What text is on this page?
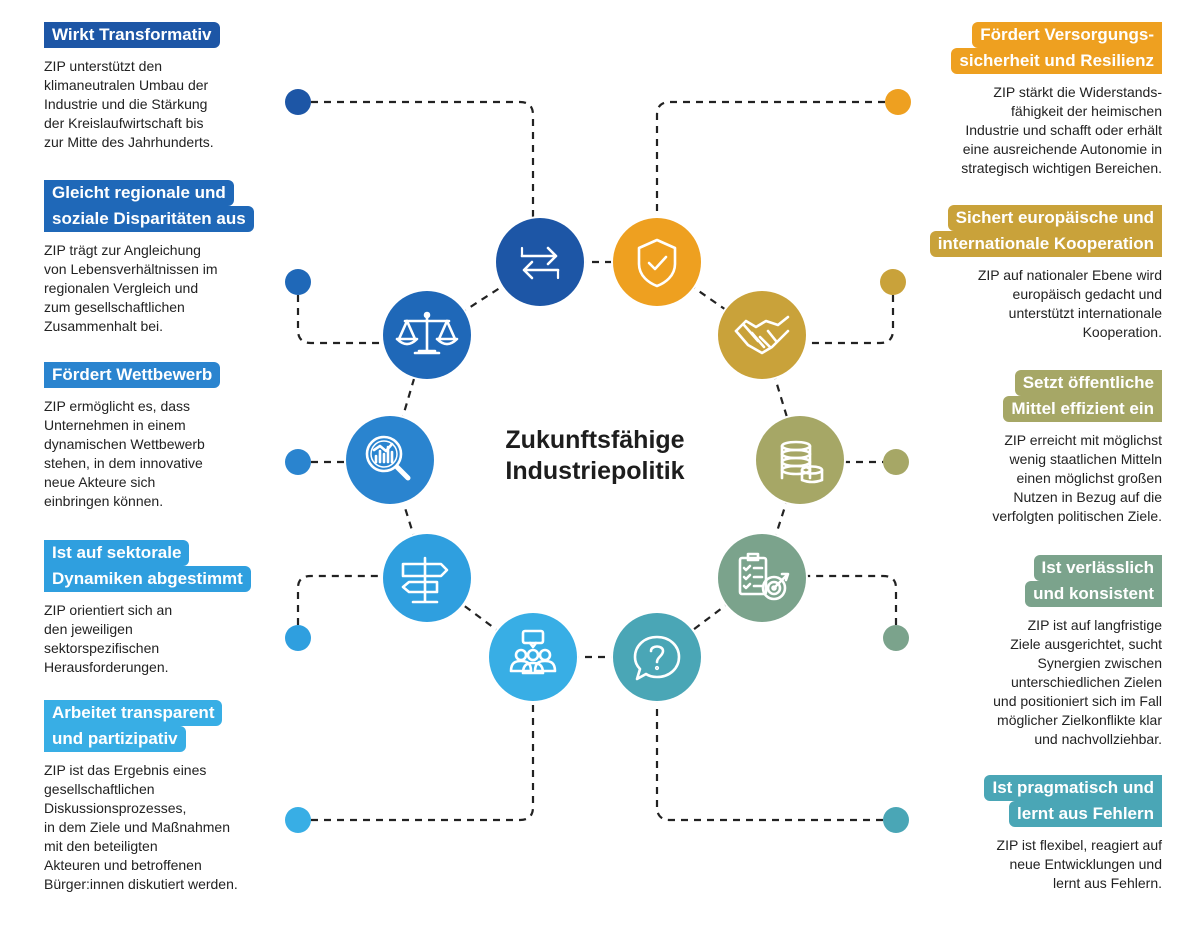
Zukunftsfähige
Industriepolitik
Wirkt Transformativ
ZIP unterstützt den
klimaneutralen Umbau der
Industrie und die Stärkung
der Kreislaufwirtschaft bis
zur Mitte des Jahrhunderts.
Gleicht regionale und
soziale Disparitäten aus
ZIP trägt zur Angleichung
von Lebensverhältnissen im
regionalen Vergleich und
zum gesellschaftlichen
Zusammenhalt bei.
Fördert Wettbewerb
ZIP ermöglicht es, dass
Unternehmen in einem
dynamischen Wettbewerb
stehen, in dem innovative
neue Akteure sich
einbringen können.
Ist auf sektorale
Dynamiken abgestimmt
ZIP orientiert sich an
den jeweiligen
sektorspezifischen
Herausforderungen.
Arbeitet transparent
und partizipativ
ZIP ist das Ergebnis eines
gesellschaftlichen
Diskussionsprozesses,
in dem Ziele und Maßnahmen
mit den beteiligten
Akteuren und betroffenen
Bürger:innen diskutiert werden.
Fördert Versorgungs-
sicherheit und Resilienz
ZIP stärkt die Widerstands-
fähigkeit der heimischen
Industrie und schafft oder erhält
eine ausreichende Autonomie in
strategisch wichtigen Bereichen.
Sichert europäische und
internationale Kooperation
ZIP auf nationaler Ebene wird
europäisch gedacht und
unterstützt internationale
Kooperation.
Setzt öffentliche
Mittel effizient ein
ZIP erreicht mit möglichst
wenig staatlichen Mitteln
einen möglichst großen
Nutzen in Bezug auf die
verfolgten politischen Ziele.
Ist verlässlich
und konsistent
ZIP ist auf langfristige
Ziele ausgerichtet, sucht
Synergien zwischen
unterschiedlichen Zielen
und positioniert sich im Fall
möglicher Zielkonflikte klar
und nachvollziehbar.
Ist pragmatisch und
lernt aus Fehlern
ZIP ist flexibel, reagiert auf
neue Entwicklungen und
lernt aus Fehlern.
